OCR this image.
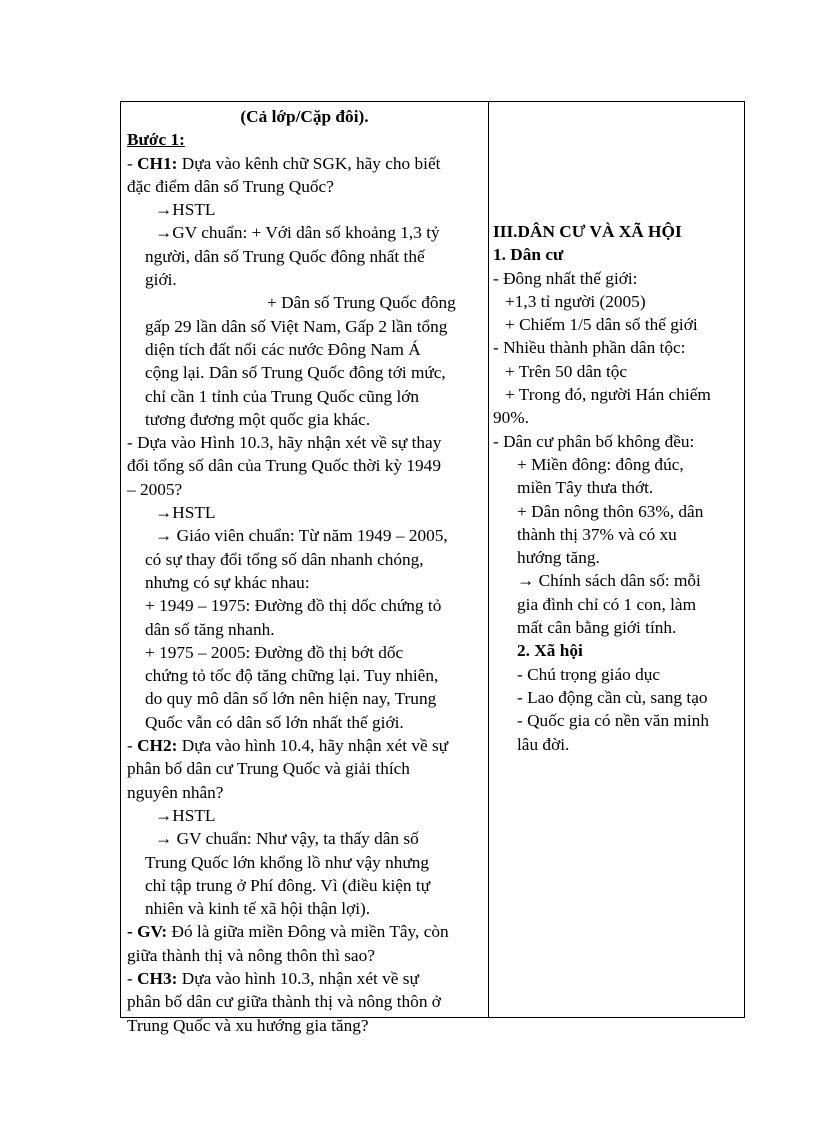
(Cả lớp/Cặp đôi).
Bước 1:
- CH1: Dựa vào kênh chữ SGK, hãy cho biết
đặc điểm dân số Trung Quốc?
→HSTL
→GV chuẩn: + Với dân số khoảng 1,3 tỷ
người, dân số Trung Quốc đông nhất thế
giới.
+ Dân số Trung Quốc đông
gấp 29 lần dân số Việt Nam, Gấp 2 lần tổng
diện tích đất nổi các nước Đông Nam Á
cộng lại. Dân số Trung Quốc đông tới mức,
chỉ cần 1 tỉnh của Trung Quốc cũng lớn
tương đương một quốc gia khác.
- Dựa vào Hình 10.3, hãy nhận xét về sự thay
đổi tổng số dân của Trung Quốc thời kỳ 1949
– 2005?
→HSTL
→ Giáo viên chuẩn: Từ năm 1949 – 2005,
có sự thay đổi tổng số dân nhanh chóng,
nhưng có sự khác nhau:
+ 1949 – 1975: Đường đồ thị dốc chứng tỏ
dân số tăng nhanh.
+ 1975 – 2005: Đường đồ thị bớt dốc
chứng tỏ tốc độ tăng chững lại. Tuy nhiên,
do quy mô dân số lớn nên hiện nay, Trung
Quốc vẫn có dân số lớn nhất thế giới.
- CH2: Dựa vào hình 10.4, hãy nhận xét về sự
phân bố dân cư Trung Quốc và giải thích
nguyên nhân?
→HSTL
→ GV chuẩn: Như vậy, ta thấy dân số
Trung Quốc lớn khổng lồ như vậy nhưng
chỉ tập trung ở Phí đông. Vì (điều kiện tự
nhiên và kinh tế xã hội thận lợi).
- GV: Đó là giữa miền Đông và miền Tây, còn
giữa thành thị và nông thôn thì sao?
- CH3: Dựa vào hình 10.3, nhận xét về sự
phân bố dân cư giữa thành thị và nông thôn ở
Trung Quốc và xu hướng gia tăng?
III.DÂN CƯ VÀ XÃ HỘI
1. Dân cư
- Đông nhất thế giới:
+1,3 tỉ người (2005)
+ Chiếm 1/5 dân số thế giới
- Nhiều thành phần dân tộc:
+ Trên 50 dân tộc
+ Trong đó, người Hán chiếm
90%.
- Dân cư phân bố không đều:
+ Miền đông: đông đúc,
miền Tây thưa thớt.
+ Dân nông thôn 63%, dân
thành thị 37% và có xu
hướng tăng.
→ Chính sách dân số: mỗi
gia đình chỉ có 1 con, làm
mất cân bằng giới tính.
2. Xã hội
- Chú trọng giáo dục
- Lao động cần cù, sang tạo
- Quốc gia có nền văn minh
lâu đời.
